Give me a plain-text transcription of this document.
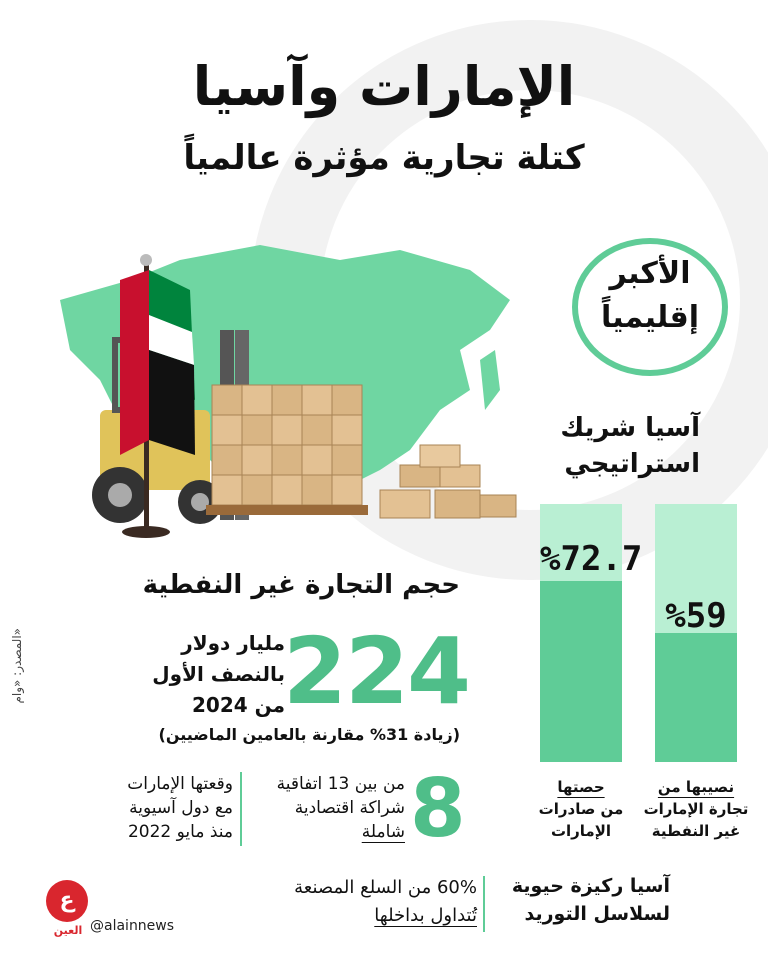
الإمارات وآسيا
كتلة تجارية مؤثرة عالمياً
الأكبر
إقليمياً
آسيا شريك
استراتيجي
%59
%72.7
نصيبها من
تجارة الإمارات
غير النفطية
حصتها
من صادرات
الإمارات
حجم التجارة غير النفطية
224
مليار دولار
بالنصف الأول
من 2024
(زيادة 31% مقارنة بالعامين الماضيين)
8
من بين 13 اتفاقية
شراكة اقتصادية
شاملة
وقعتها الإمارات
مع دول آسيوية
منذ مايو 2022
آسيا ركيزة حيوية
لسلاسل التوريد
60% من السلع المصنعة
تُتداول بداخلها
المصدر: «وام»
ع
العين @alainnews
